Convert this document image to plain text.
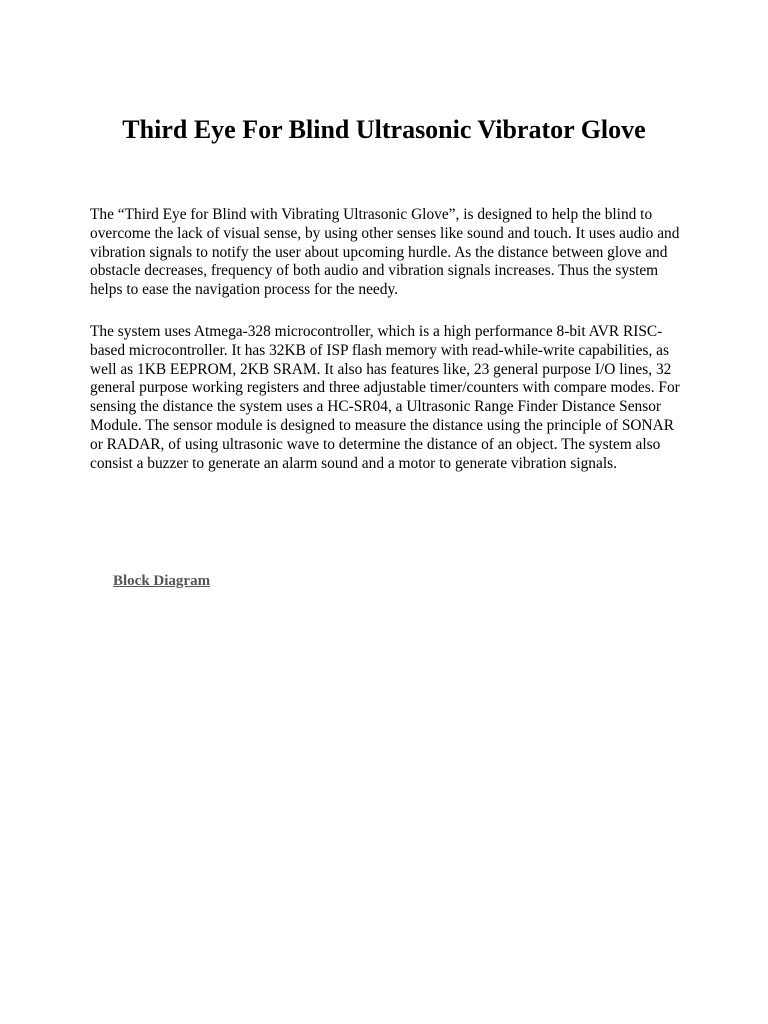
Third Eye For Blind Ultrasonic Vibrator Glove

The “Third Eye for Blind with Vibrating Ultrasonic Glove”, is designed to help the blind to overcome the lack of visual sense, by using other senses like sound and touch. It uses audio and vibration signals to notify the user about upcoming hurdle. As the distance between glove and obstacle decreases, frequency of both audio and vibration signals increases. Thus the system helps to ease the navigation process for the needy.

The system uses Atmega-328 microcontroller, which is a high performance 8-bit AVR RISC-based microcontroller. It has 32KB of ISP flash memory with read-while-write capabilities, as well as 1KB EEPROM, 2KB SRAM. It also has features like, 23 general purpose I/O lines, 32 general purpose working registers and three adjustable timer/counters with compare modes. For sensing the distance the system uses a HC-SR04, a Ultrasonic Range Finder Distance Sensor Module. The sensor module is designed to measure the distance using the principle of SONAR or RADAR, of using ultrasonic wave to determine the distance of an object. The system also consist a buzzer to generate an alarm sound and a motor to generate vibration signals.

Block Diagram
